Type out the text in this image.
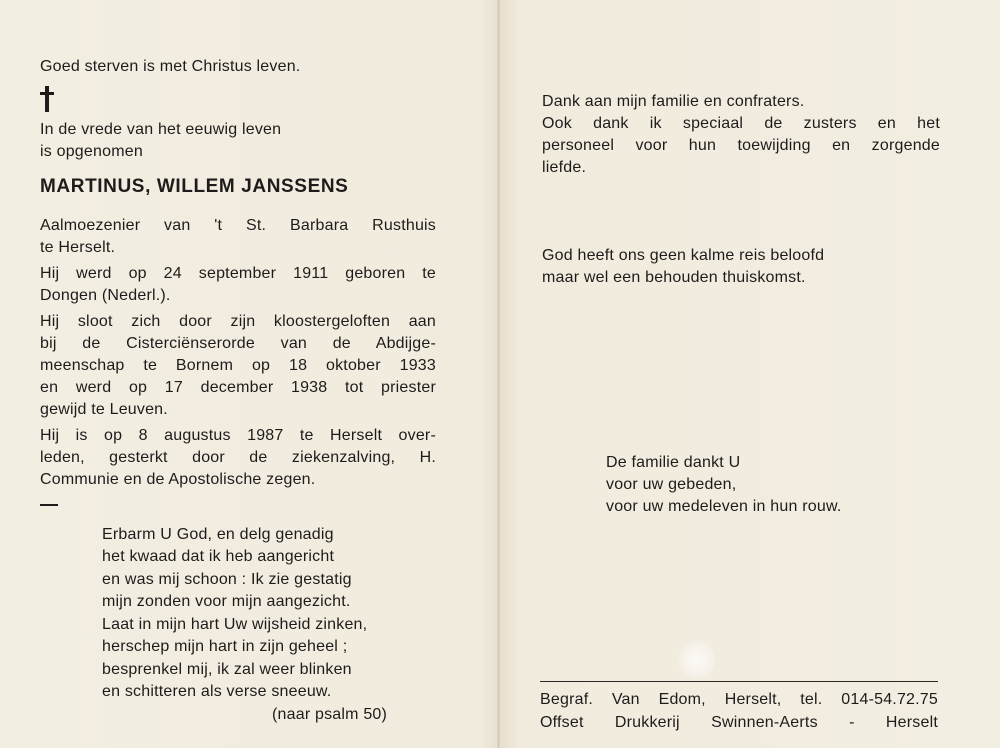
Goed sterven is met Christus leven.
In de vrede van het eeuwig leven
is opgenomen
MARTINUS, WILLEM JANSSENS
Aalmoezenier van 't St. Barbara Rusthuis
te Herselt.
Hij werd op 24 september 1911 geboren te
Dongen (Nederl.).
Hij sloot zich door zijn kloostergeloften aan
bij de Cisterciënserorde van de Abdijge-
meenschap te Bornem op 18 oktober 1933
en werd op 17 december 1938 tot priester
gewijd te Leuven.
Hij is op 8 augustus 1987 te Herselt over-
leden, gesterkt door de ziekenzalving, H.
Communie en de Apostolische zegen.
Erbarm U God, en delg genadig
het kwaad dat ik heb aangericht
en was mij schoon : Ik zie gestatig
mijn zonden voor mijn aangezicht.
Laat in mijn hart Uw wijsheid zinken,
herschep mijn hart in zijn geheel ;
besprenkel mij, ik zal weer blinken
en schitteren als verse sneeuw.
(naar psalm 50)
Dank aan mijn familie en confraters.
Ook dank ik speciaal de zusters en het
personeel voor hun toewijding en zorgende
liefde.
God heeft ons geen kalme reis beloofd
maar wel een behouden thuiskomst.
De familie dankt U
voor uw gebeden,
voor uw medeleven in hun rouw.
Begraf. Van Edom, Herselt, tel. 014-54.72.75
Offset Drukkerij Swinnen-Aerts - Herselt
